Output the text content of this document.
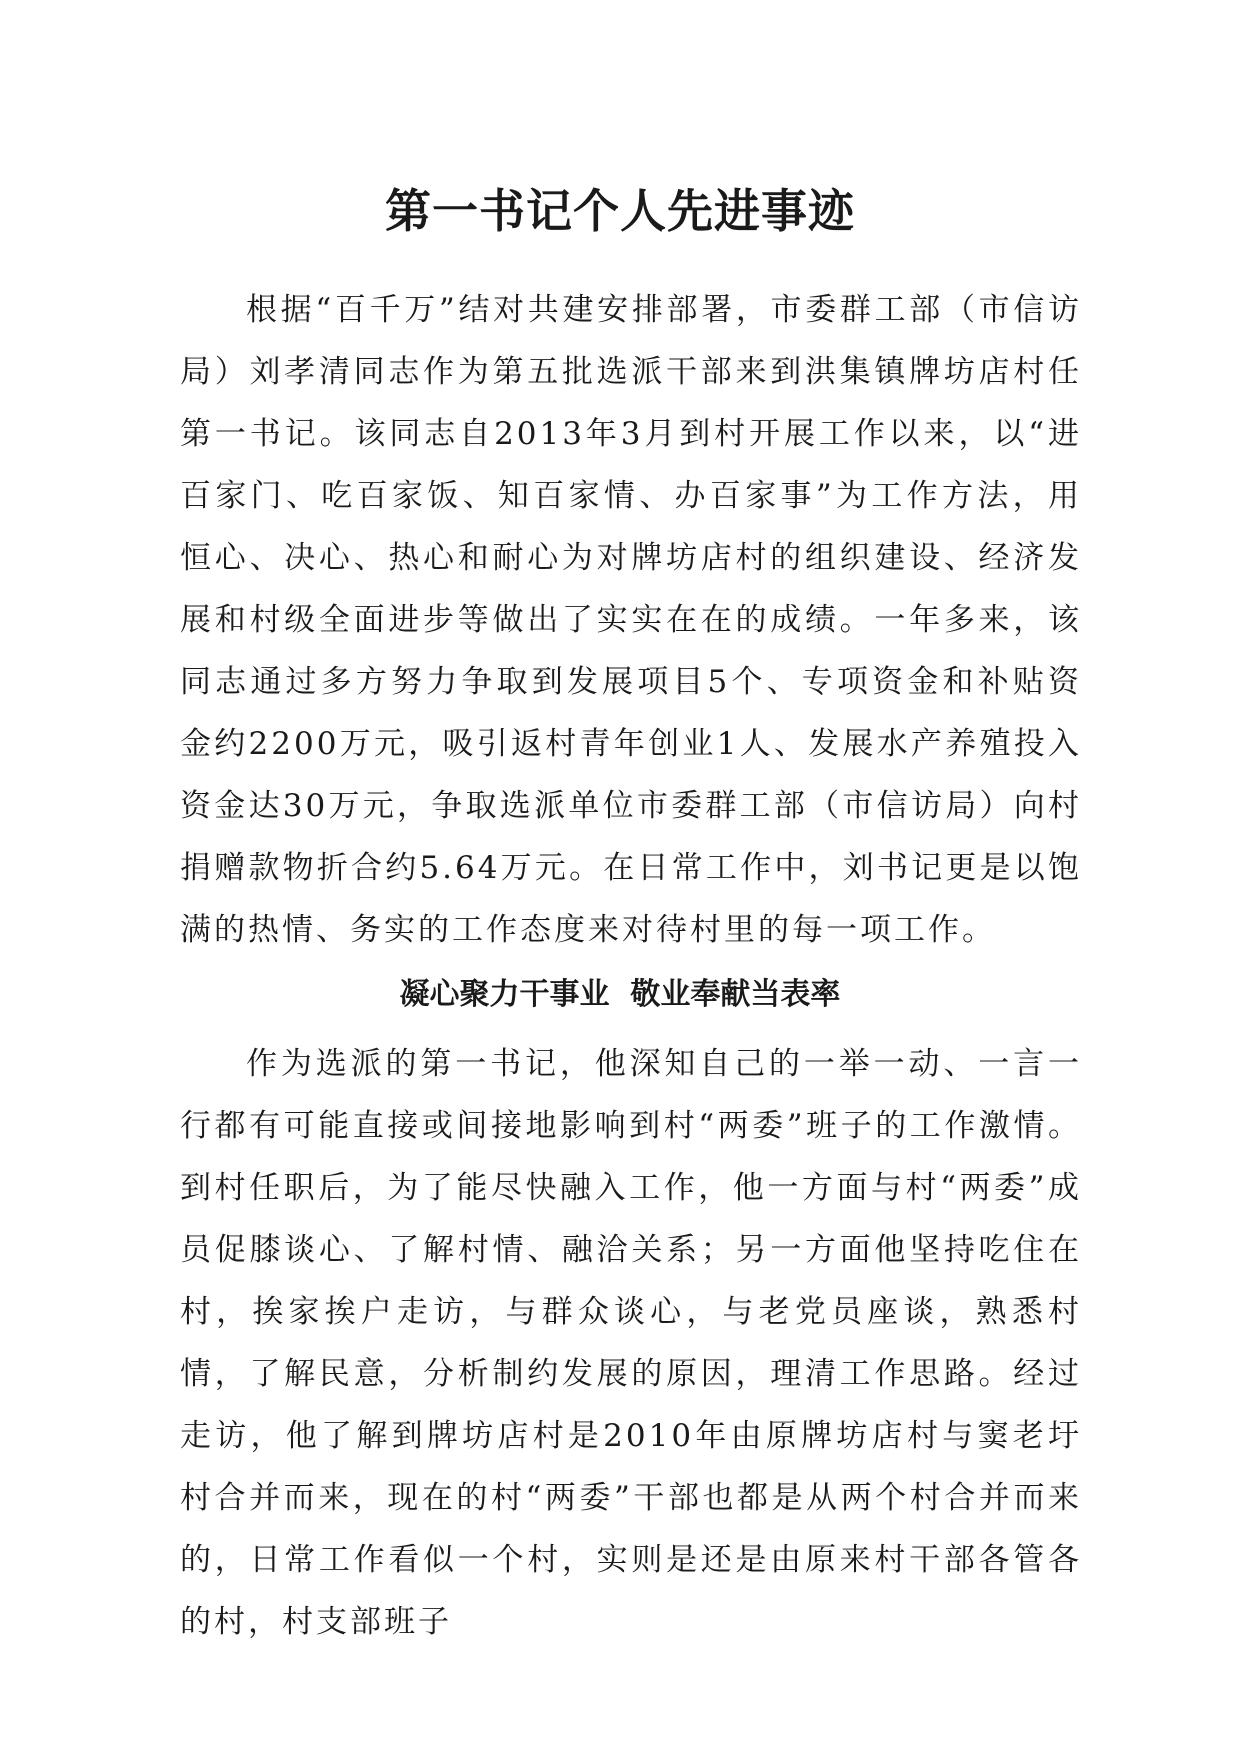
第一书记个人先进事迹

根据“百千万”结对共建安排部署，市委群工部（市信访局）刘孝清同志作为第五批选派干部来到洪集镇牌坊店村任第一书记。该同志自2013年3月到村开展工作以来，以“进百家门、吃百家饭、知百家情、办百家事”为工作方法，用恒心、决心、热心和耐心为对牌坊店村的组织建设、经济发展和村级全面进步等做出了实实在在的成绩。一年多来，该同志通过多方努力争取到发展项目5个、专项资金和补贴资金约2200万元，吸引返村青年创业1人、发展水产养殖投入资金达30万元，争取选派单位市委群工部（市信访局）向村捐赠款物折合约5.64万元。在日常工作中，刘书记更是以饱满的热情、务实的工作态度来对待村里的每一项工作。

凝心聚力干事业  敬业奉献当表率

作为选派的第一书记，他深知自己的一举一动、一言一行都有可能直接或间接地影响到村“两委”班子的工作激情。到村任职后，为了能尽快融入工作，他一方面与村“两委”成员促膝谈心、了解村情、融洽关系；另一方面他坚持吃住在村，挨家挨户走访，与群众谈心，与老党员座谈，熟悉村情，了解民意，分析制约发展的原因，理清工作思路。经过走访，他了解到牌坊店村是2010年由原牌坊店村与窦老圩村合并而来，现在的村“两委”干部也都是从两个村合并而来的，日常工作看似一个村，实则是还是由原来村干部各管各的村，村支部班子
